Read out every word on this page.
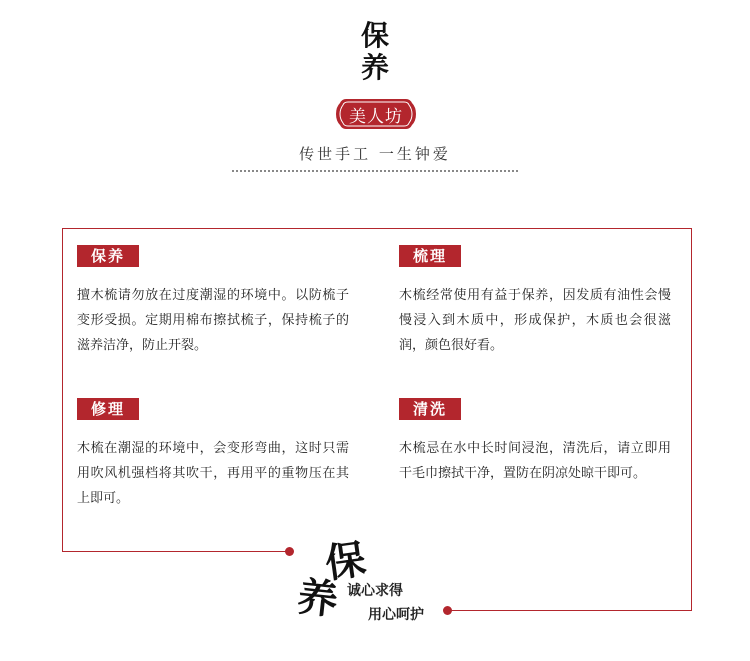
保
养
美人坊
传世手工 一生钟爱
保养
擅木梳请勿放在过度潮湿的环境中。以防梳子变形受损。定期用棉布擦拭梳子，保持梳子的滋养洁净，防止开裂。
梳理
木梳经常使用有益于保养，因发质有油性会慢慢浸入到木质中，形成保护，木质也会很滋润，颜色很好看。
修理
木梳在潮湿的环境中，会变形弯曲，这时只需用吹风机强档将其吹干，再用平的重物压在其上即可。
清洗
木梳忌在水中长时间浸泡，清洗后，请立即用干毛巾擦拭干净，置防在阴凉处晾干即可。
保
养 诚心求得
用心呵护
